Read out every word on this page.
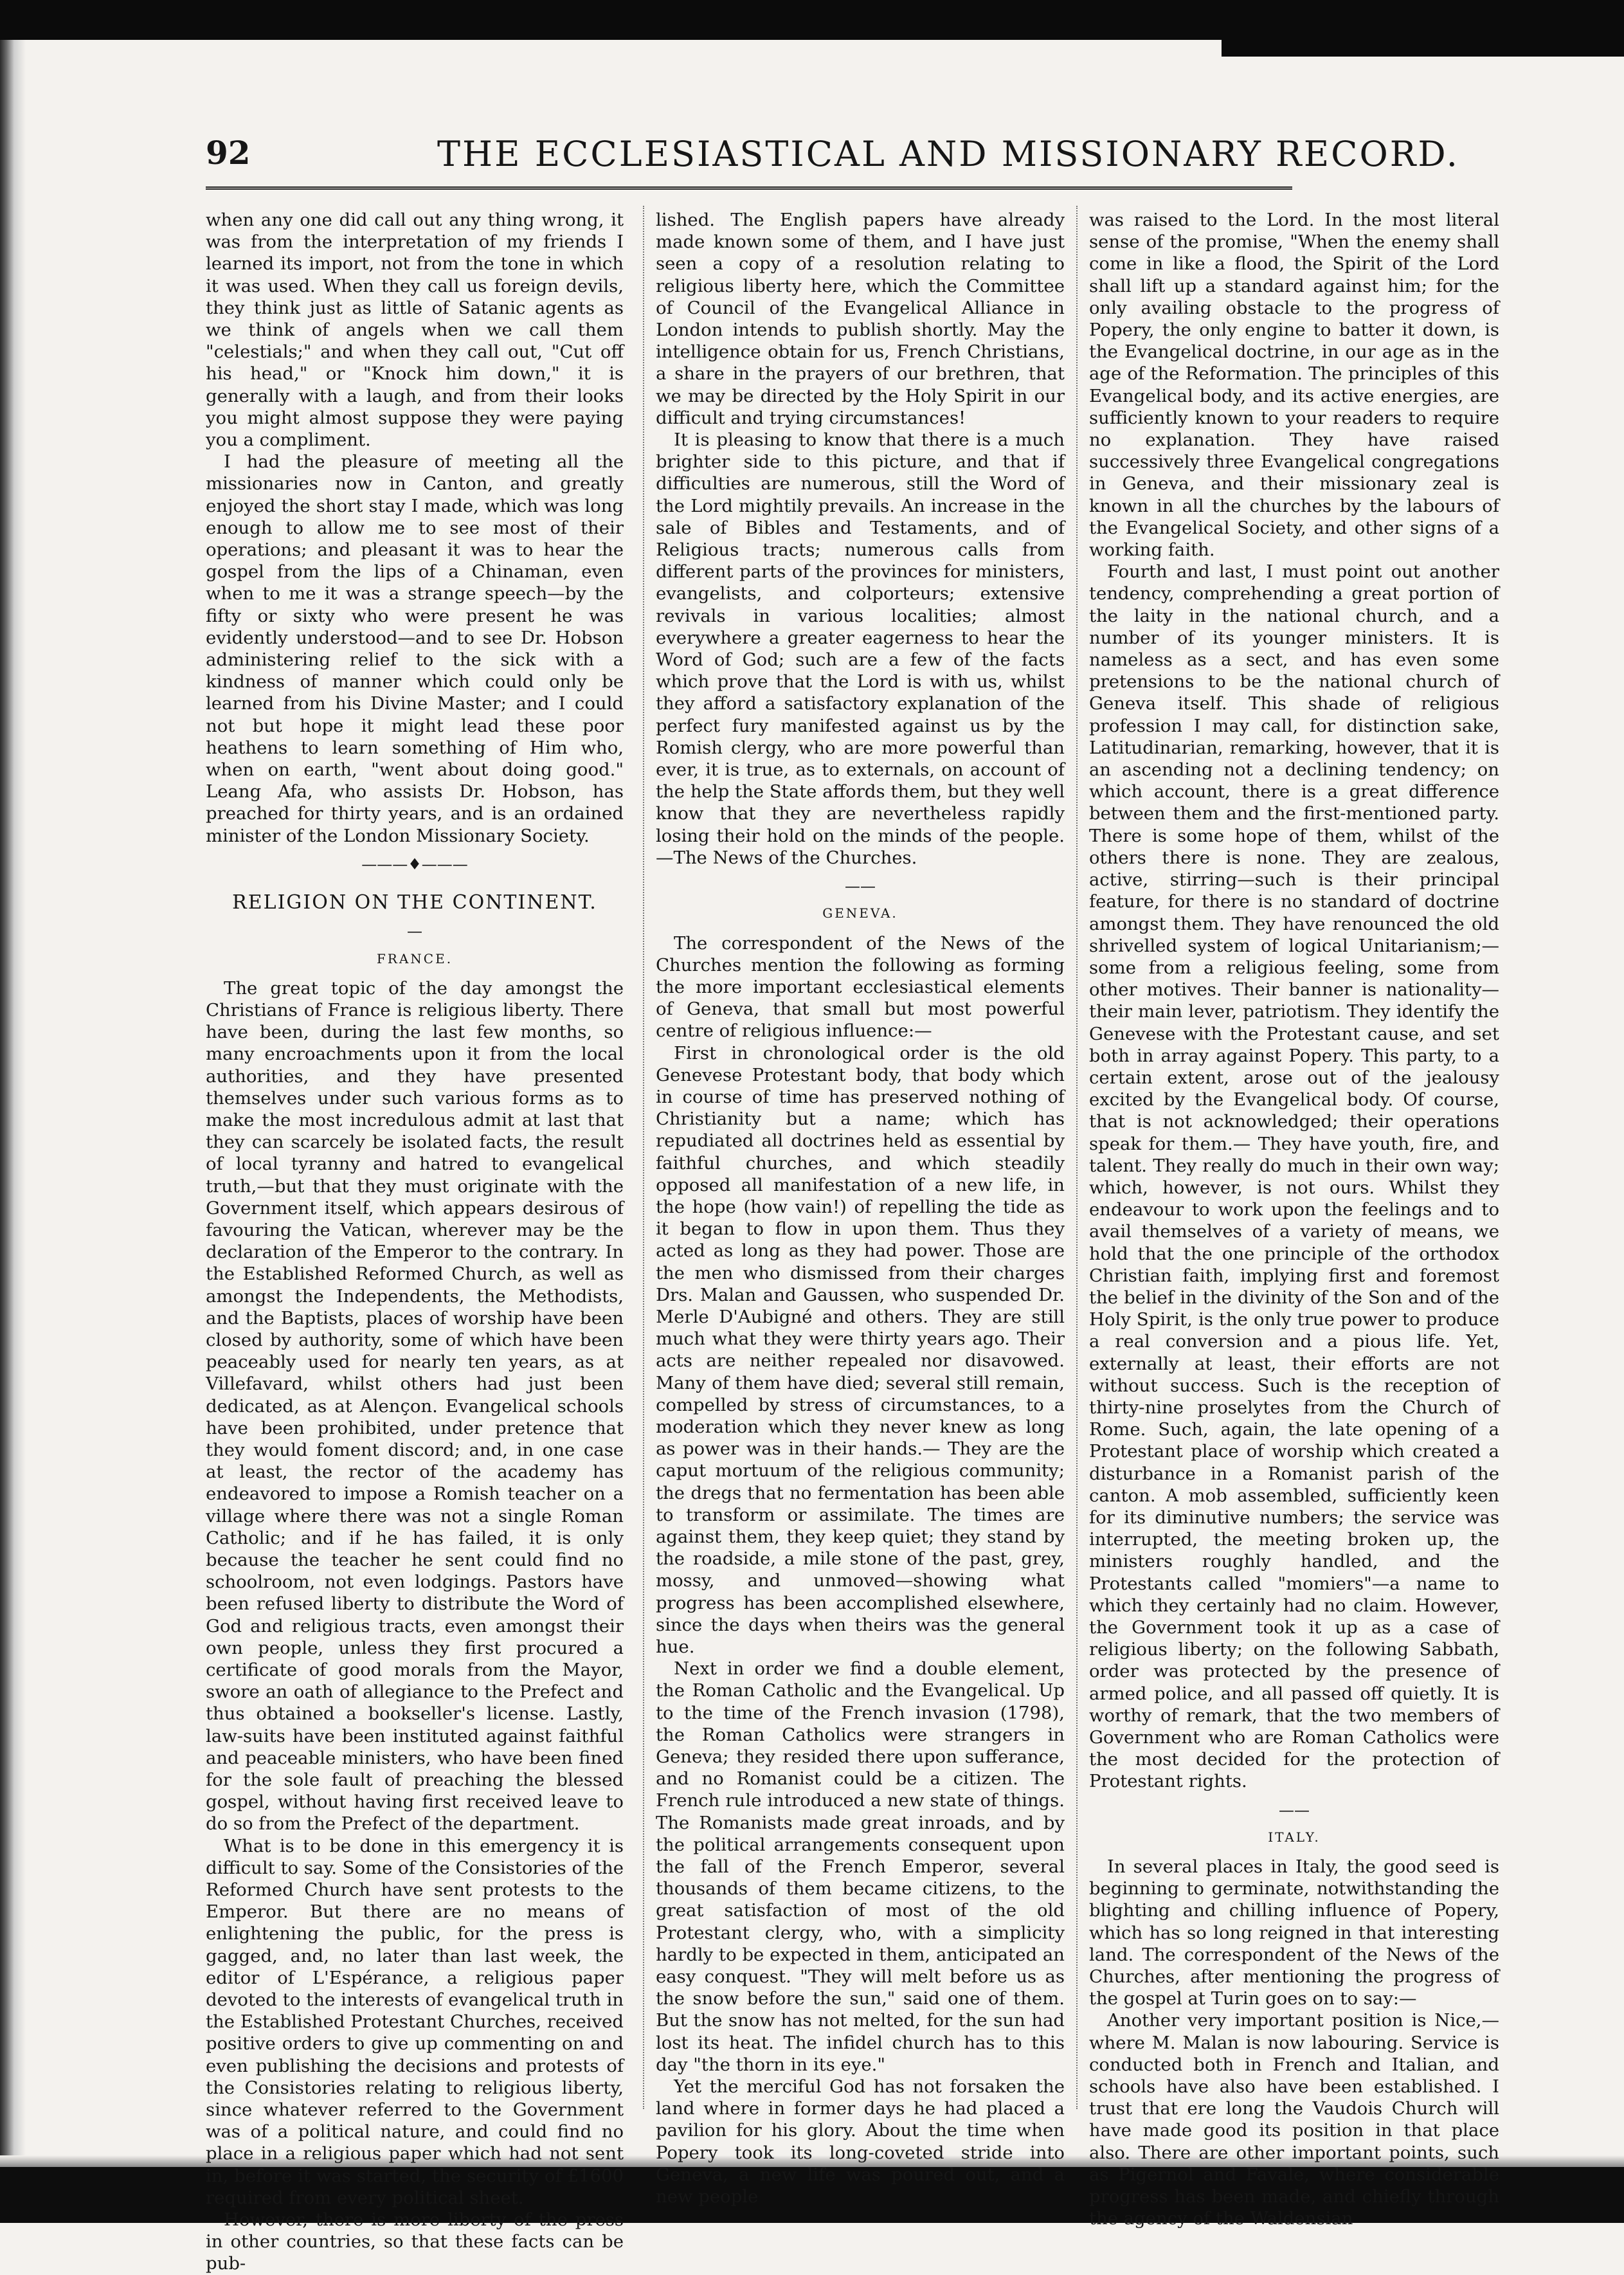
92	THE ECCLESIASTICAL AND MISSIONARY RECORD.

when any one did call out any thing wrong, it was from the interpretation of my friends I learned its import, not from the tone in which it was used. When they call us foreign devils, they think just as little of Satanic agents as we think of angels when we call them "celestials;" and when they call out, "Cut off his head," or "Knock him down," it is generally with a laugh, and from their looks you might almost suppose they were paying you a compliment.

I had the pleasure of meeting all the missionaries now in Canton, and greatly enjoyed the short stay I made, which was long enough to allow me to see most of their operations; and pleasant it was to hear the gospel from the lips of a Chinaman, even when to me it was a strange speech—by the fifty or sixty who were present he was evidently understood—and to see Dr. Hobson administering relief to the sick with a kindness of manner which could only be learned from his Divine Master; and I could not but hope it might lead these poor heathens to learn something of Him who, when on earth, "went about doing good." Leang Afa, who assists Dr. Hobson, has preached for thirty years, and is an ordained minister of the London Missionary Society.

———♦———
RELIGION ON THE CONTINENT.
—
FRANCE.

The great topic of the day amongst the Christians of France is religious liberty. There have been, during the last few months, so many encroachments upon it from the local authorities, and they have presented themselves under such various forms as to make the most incredulous admit at last that they can scarcely be isolated facts, the result of local tyranny and hatred to evangelical truth,—but that they must originate with the Government itself, which appears desirous of favouring the Vatican, wherever may be the declaration of the Emperor to the contrary. In the Established Reformed Church, as well as amongst the Independents, the Methodists, and the Baptists, places of worship have been closed by authority, some of which have been peaceably used for nearly ten years, as at Villefavard, whilst others had just been dedicated, as at Alençon. Evangelical schools have been prohibited, under pretence that they would foment discord; and, in one case at least, the rector of the academy has endeavored to impose a Romish teacher on a village where there was not a single Roman Catholic; and if he has failed, it is only because the teacher he sent could find no schoolroom, not even lodgings. Pastors have been refused liberty to distribute the Word of God and religious tracts, even amongst their own people, unless they first procured a certificate of good morals from the Mayor, swore an oath of allegiance to the Prefect and thus obtained a bookseller's license. Lastly, law-suits have been instituted against faithful and peaceable ministers, who have been fined for the sole fault of preaching the blessed gospel, without having first received leave to do so from the Prefect of the department.

What is to be done in this emergency it is difficult to say. Some of the Consistories of the Reformed Church have sent protests to the Emperor. But there are no means of enlightening the public, for the press is gagged, and, no later than last week, the editor of L'Espérance, a religious paper devoted to the interests of evangelical truth in the Established Protestant Churches, received positive orders to give up commenting on and even publishing the decisions and protests of the Consistories relating to religious liberty, since whatever referred to the Government was of a political nature, and could find no place in a religious paper which had not sent in, before it was started, the security of £1600 required from every political sheet.

However, there is more liberty of the press in other countries, so that these facts can be pub-

lished. The English papers have already made known some of them, and I have just seen a copy of a resolution relating to religious liberty here, which the Committee of Council of the Evangelical Alliance in London intends to publish shortly. May the intelligence obtain for us, French Christians, a share in the prayers of our brethren, that we may be directed by the Holy Spirit in our difficult and trying circumstances!

It is pleasing to know that there is a much brighter side to this picture, and that if difficulties are numerous, still the Word of the Lord mightily prevails. An increase in the sale of Bibles and Testaments, and of Religious tracts; numerous calls from different parts of the provinces for ministers, evangelists, and colporteurs; extensive revivals in various localities; almost everywhere a greater eagerness to hear the Word of God; such are a few of the facts which prove that the Lord is with us, whilst they afford a satisfactory explanation of the perfect fury manifested against us by the Romish clergy, who are more powerful than ever, it is true, as to externals, on account of the help the State affords them, but they well know that they are nevertheless rapidly losing their hold on the minds of the people.—The News of the Churches.

——
GENEVA.

The correspondent of the News of the Churches mention the following as forming the more important ecclesiastical elements of Geneva, that small but most powerful centre of religious influence:—

First in chronological order is the old Genevese Protestant body, that body which in course of time has preserved nothing of Christianity but a name; which has repudiated all doctrines held as essential by faithful churches, and which steadily opposed all manifestation of a new life, in the hope (how vain!) of repelling the tide as it began to flow in upon them. Thus they acted as long as they had power. Those are the men who dismissed from their charges Drs. Malan and Gaussen, who suspended Dr. Merle D'Aubigné and others. They are still much what they were thirty years ago. Their acts are neither repealed nor disavowed. Many of them have died; several still remain, compelled by stress of circumstances, to a moderation which they never knew as long as power was in their hands.— They are the caput mortuum of the religious community; the dregs that no fermentation has been able to transform or assimilate. The times are against them, they keep quiet; they stand by the roadside, a mile stone of the past, grey, mossy, and unmoved—showing what progress has been accomplished elsewhere, since the days when theirs was the general hue.

Next in order we find a double element, the Roman Catholic and the Evangelical. Up to the time of the French invasion (1798), the Roman Catholics were strangers in Geneva; they resided there upon sufferance, and no Romanist could be a citizen. The French rule introduced a new state of things. The Romanists made great inroads, and by the political arrangements consequent upon the fall of the French Emperor, several thousands of them became citizens, to the great satisfaction of most of the old Protestant clergy, who, with a simplicity hardly to be expected in them, anticipated an easy conquest. "They will melt before us as the snow before the sun," said one of them. But the snow has not melted, for the sun had lost its heat. The infidel church has to this day "the thorn in its eye."

Yet the merciful God has not forsaken the land where in former days he had placed a pavilion for his glory. About the time when Popery took its long-coveted stride into Geneva, a new life was poured out, and a new people

was raised to the Lord. In the most literal sense of the promise, "When the enemy shall come in like a flood, the Spirit of the Lord shall lift up a standard against him; for the only availing obstacle to the progress of Popery, the only engine to batter it down, is the Evangelical doctrine, in our age as in the age of the Reformation. The principles of this Evangelical body, and its active energies, are sufficiently known to your readers to require no explanation. They have raised successively three Evangelical congregations in Geneva, and their missionary zeal is known in all the churches by the labours of the Evangelical Society, and other signs of a working faith.

Fourth and last, I must point out another tendency, comprehending a great portion of the laity in the national church, and a number of its younger ministers. It is nameless as a sect, and has even some pretensions to be the national church of Geneva itself. This shade of religious profession I may call, for distinction sake, Latitudinarian, remarking, however, that it is an ascending not a declining tendency; on which account, there is a great difference between them and the first-mentioned party. There is some hope of them, whilst of the others there is none. They are zealous, active, stirring—such is their principal feature, for there is no standard of doctrine amongst them. They have renounced the old shrivelled system of logical Unitarianism;— some from a religious feeling, some from other motives. Their banner is nationality—their main lever, patriotism. They identify the Genevese with the Protestant cause, and set both in array against Popery. This party, to a certain extent, arose out of the jealousy excited by the Evangelical body. Of course, that is not acknowledged; their operations speak for them.— They have youth, fire, and talent. They really do much in their own way; which, however, is not ours. Whilst they endeavour to work upon the feelings and to avail themselves of a variety of means, we hold that the one principle of the orthodox Christian faith, implying first and foremost the belief in the divinity of the Son and of the Holy Spirit, is the only true power to produce a real conversion and a pious life. Yet, externally at least, their efforts are not without success. Such is the reception of thirty-nine proselytes from the Church of Rome. Such, again, the late opening of a Protestant place of worship which created a disturbance in a Romanist parish of the canton. A mob assembled, sufficiently keen for its diminutive numbers; the service was interrupted, the meeting broken up, the ministers roughly handled, and the Protestants called "momiers"—a name to which they certainly had no claim. However, the Government took it up as a case of religious liberty; on the following Sabbath, order was protected by the presence of armed police, and all passed off quietly. It is worthy of remark, that the two members of Government who are Roman Catholics were the most decided for the protection of Protestant rights.

——
ITALY.

In several places in Italy, the good seed is beginning to germinate, notwithstanding the blighting and chilling influence of Popery, which has so long reigned in that interesting land. The correspondent of the News of the Churches, after mentioning the progress of the gospel at Turin goes on to say:—

Another very important position is Nice,— where M. Malan is now labouring. Service is conducted both in French and Italian, and schools have also have been established. I trust that ere long the Vaudois Church will have made good its position in that place also. There are other important points, such as Pigernol and Favale, where considerable progress has been made, and chiefly through the agency of the Waldensian
